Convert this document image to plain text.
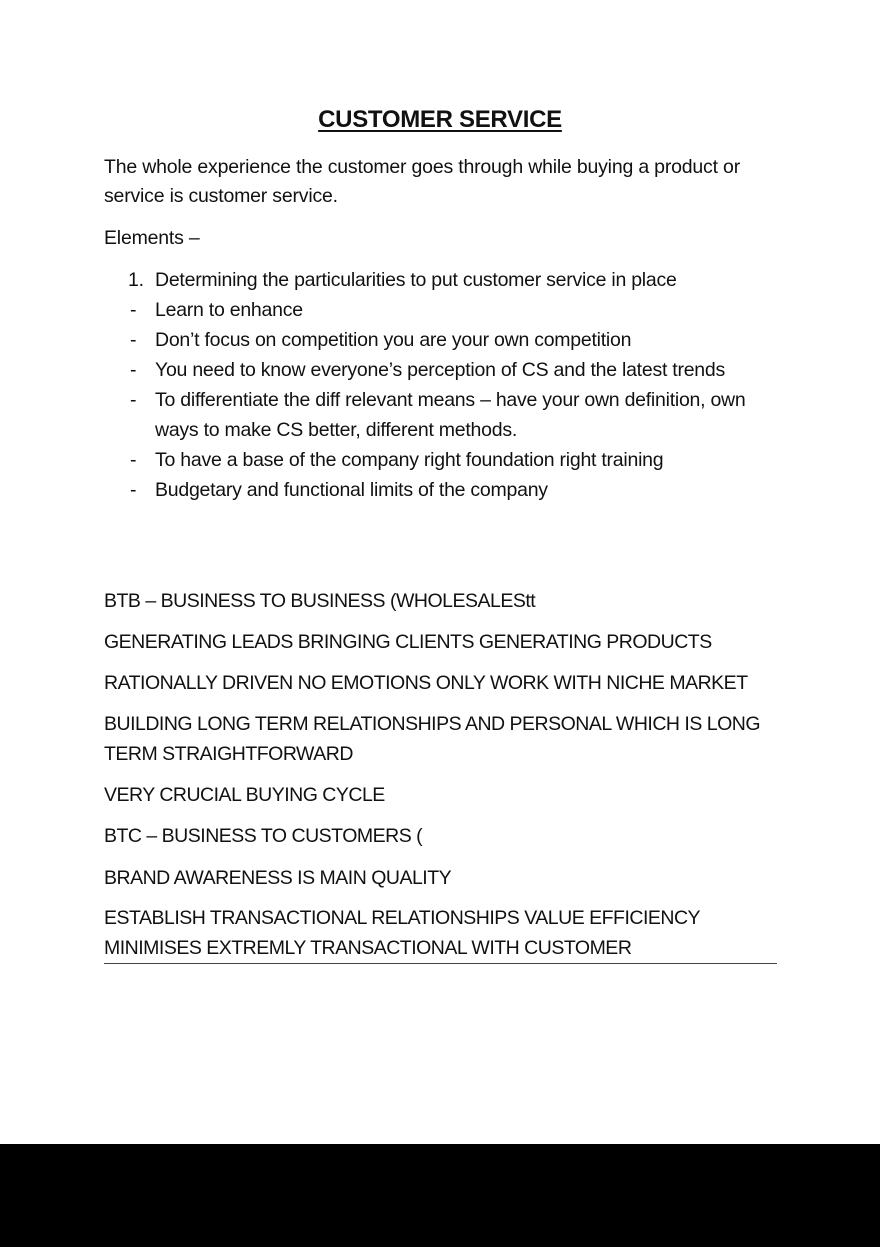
CUSTOMER SERVICE
The whole experience the customer goes through while buying a product or service is customer service.
Elements –
1. Determining the particularities to put customer service in place
- Learn to enhance
- Don’t focus on competition you are your own competition
- You need to know everyone’s perception of CS and the latest trends
- To differentiate the diff relevant means – have your own definition, own ways to make CS better, different methods.
- To have a base of the company right foundation right training
- Budgetary and functional limits of the company
BTB – BUSINESS TO BUSINESS (WHOLESALEStt
GENERATING LEADS BRINGING CLIENTS GENERATING PRODUCTS
RATIONALLY DRIVEN NO EMOTIONS ONLY WORK WITH NICHE MARKET
BUILDING LONG TERM RELATIONSHIPS AND PERSONAL WHICH IS LONG TERM STRAIGHTFORWARD
VERY CRUCIAL BUYING CYCLE
BTC – BUSINESS TO CUSTOMERS (
BRAND AWARENESS IS MAIN QUALITY
ESTABLISH TRANSACTIONAL RELATIONSHIPS VALUE EFFICIENCY MINIMISES EXTREMLY TRANSACTIONAL WITH CUSTOMER
